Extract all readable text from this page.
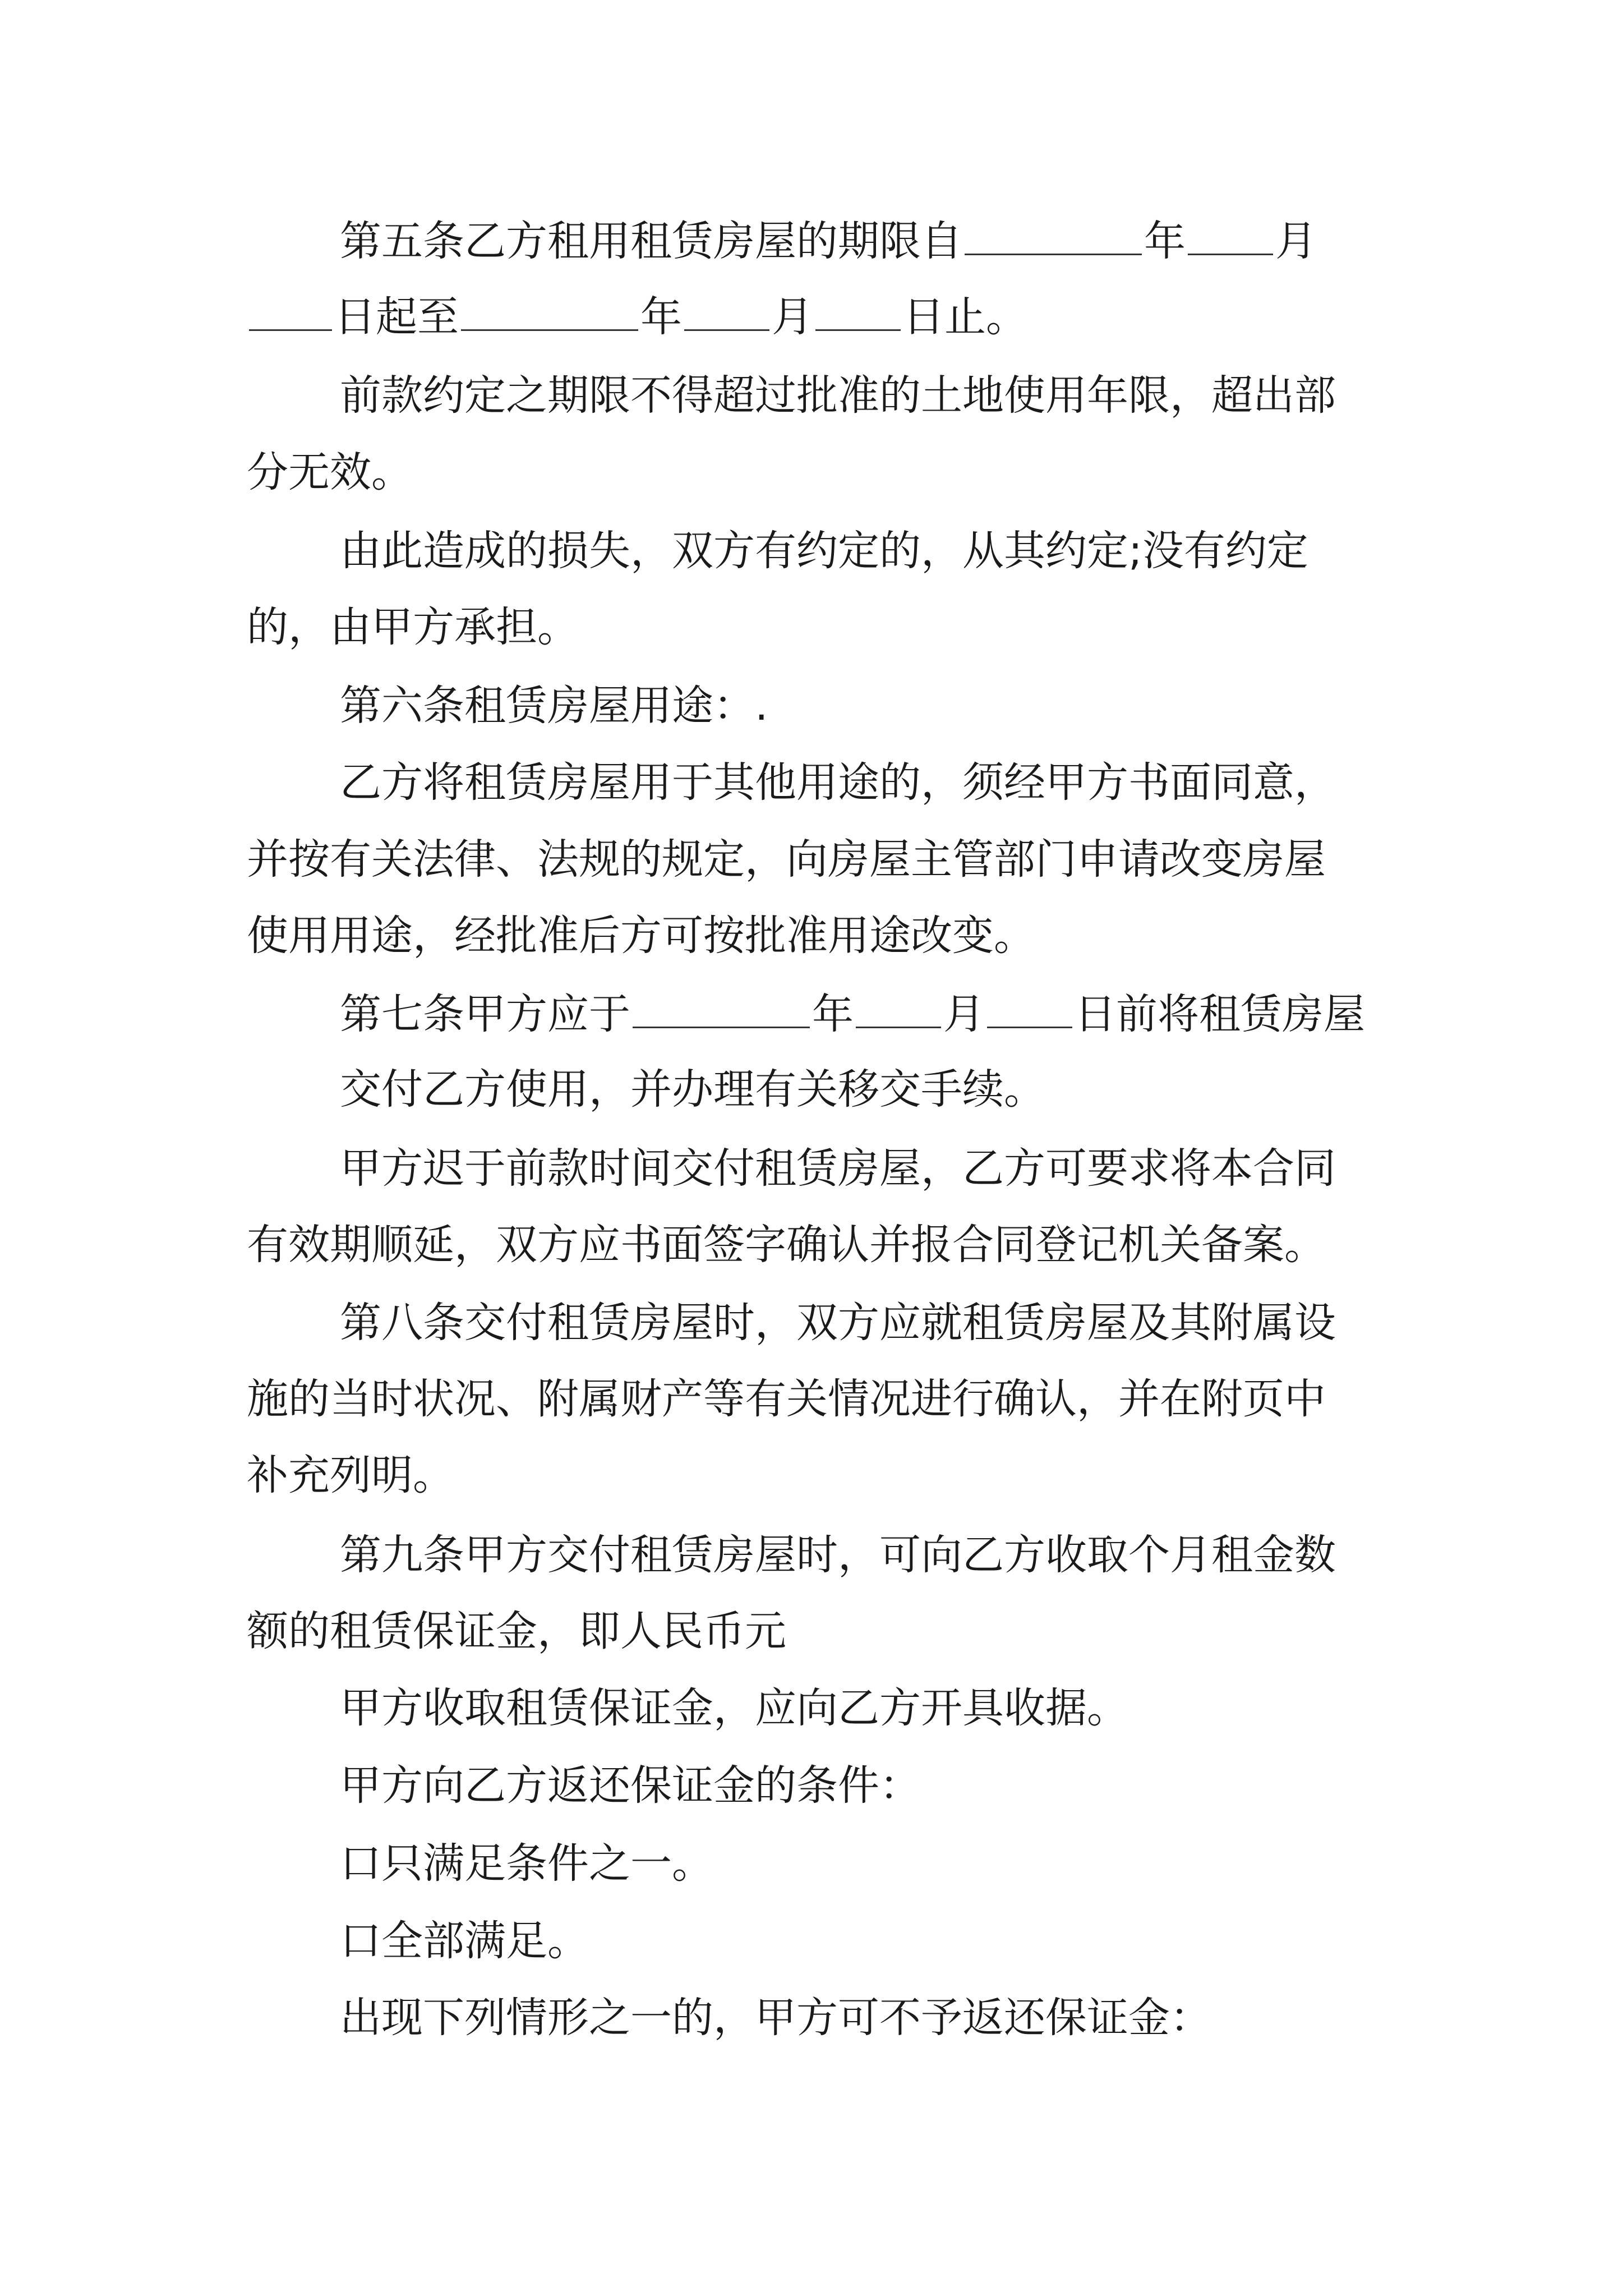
第五条乙方租用租赁房屋的期限自	年 月
日起至	年 月 日止。
前款约定之期限不得超过批准的土地使用年限，超出部
分无效。
由此造成的损失，双方有约定的，从其约定;没有约定
的，由甲方承担。
第六条租赁房屋用途：.
乙方将租赁房屋用于其他用途的，须经甲方书面同意，
并按有关法律、法规的规定，向房屋主管部门申请改变房屋
使用用途，经批准后方可按批准用途改变。
第七条甲方应于	年 月 日前将租赁房屋
交付乙方使用，并办理有关移交手续。
甲方迟于前款时间交付租赁房屋，乙方可要求将本合同
有效期顺延，双方应书面签字确认并报合同登记机关备案。
第八条交付租赁房屋时，双方应就租赁房屋及其附属设
施的当时状况、附属财产等有关情况进行确认，并在附页中
补充列明。
第九条甲方交付租赁房屋时，可向乙方收取个月租金数
额的租赁保证金，即人民币元
甲方收取租赁保证金，应向乙方开具收据。
甲方向乙方返还保证金的条件：
口只满足条件之一。
口全部满足。
出现下列情形之一的，甲方可不予返还保证金：
